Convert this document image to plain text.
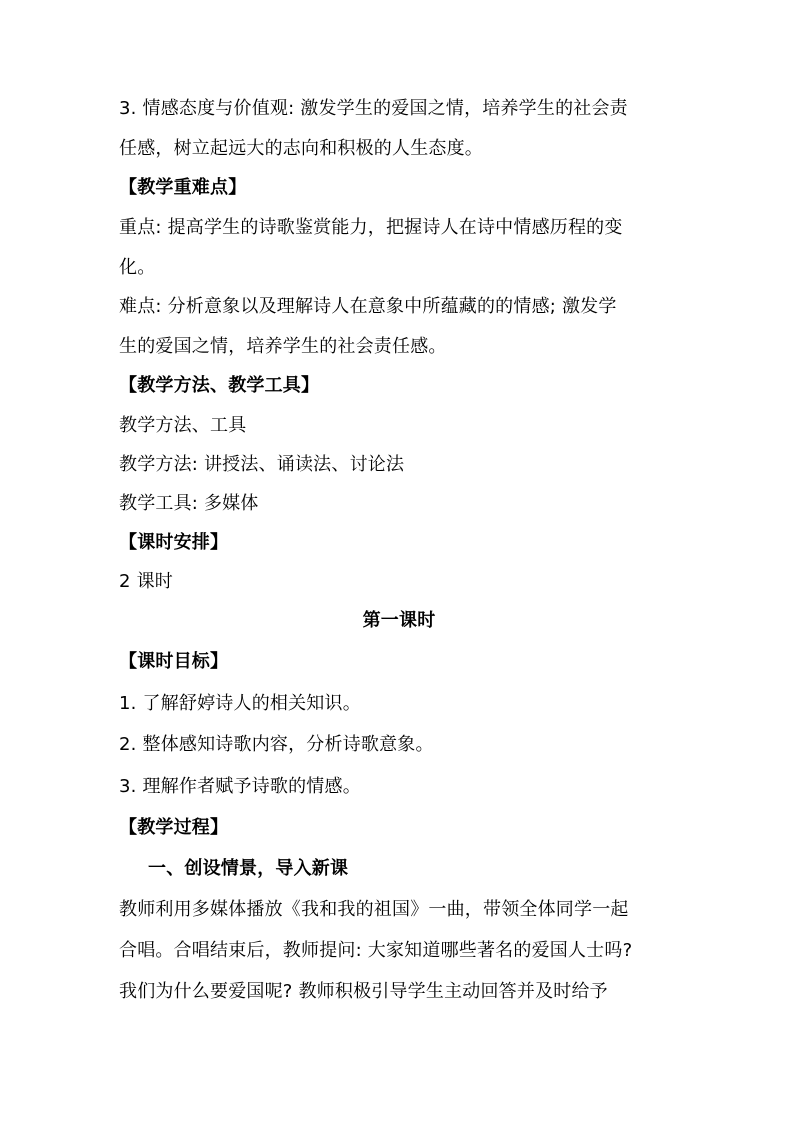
3. 情感态度与价值观: 激发学生的爱国之情，培养学生的社会责
任感，树立起远大的志向和积极的人生态度。
【教学重难点】
重点: 提高学生的诗歌鉴赏能力，把握诗人在诗中情感历程的变
化。
难点: 分析意象以及理解诗人在意象中所蕴藏的的情感; 激发学
生的爱国之情，培养学生的社会责任感。
【教学方法、教学工具】
教学方法、工具
教学方法: 讲授法、诵读法、讨论法
教学工具: 多媒体
【课时安排】
2 课时
第一课时
【课时目标】
1. 了解舒婷诗人的相关知识。
2. 整体感知诗歌内容，分析诗歌意象。
3. 理解作者赋予诗歌的情感。
【教学过程】
一、创设情景，导入新课
教师利用多媒体播放《我和我的祖国》一曲，带领全体同学一起
合唱。合唱结束后，教师提问: 大家知道哪些著名的爱国人士吗?
我们为什么要爱国呢? 教师积极引导学生主动回答并及时给予
